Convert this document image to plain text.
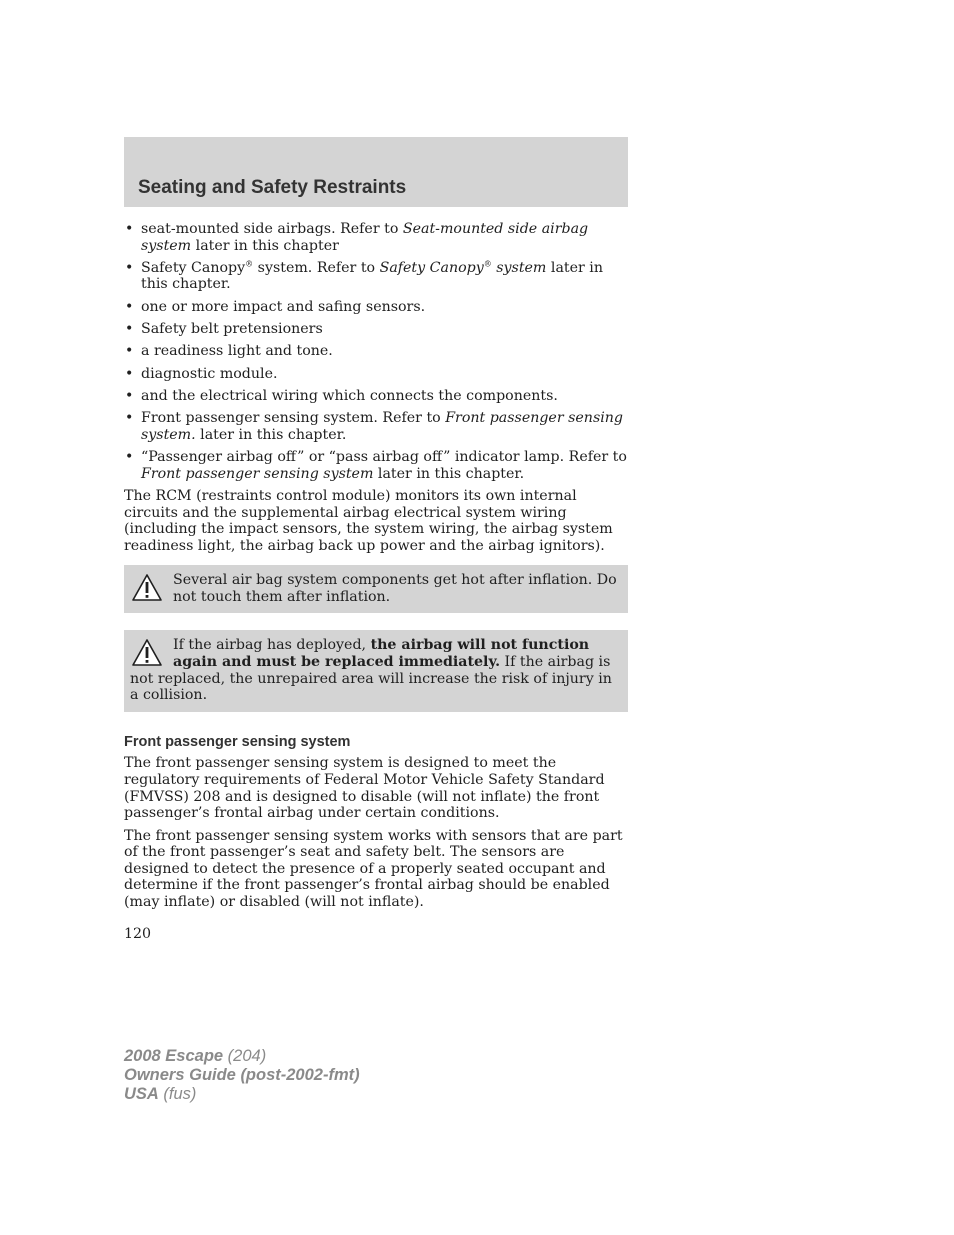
Seating and Safety Restraints
• seat-mounted side airbags. Refer to Seat-mounted side airbag system later in this chapter
• Safety Canopy® system. Refer to Safety Canopy® system later in this chapter.
• one or more impact and safing sensors.
• Safety belt pretensioners
• a readiness light and tone.
• diagnostic module.
• and the electrical wiring which connects the components.
• Front passenger sensing system. Refer to Front passenger sensing system. later in this chapter.
• “Passenger airbag off” or “pass airbag off” indicator lamp. Refer to Front passenger sensing system later in this chapter.

The RCM (restraints control module) monitors its own internal circuits and the supplemental airbag electrical system wiring (including the impact sensors, the system wiring, the airbag system readiness light, the airbag back up power and the airbag ignitors).

Several air bag system components get hot after inflation. Do not touch them after inflation.
If the airbag has deployed, the airbag will not function again and must be replaced immediately. If the airbag is not replaced, the unrepaired area will increase the risk of injury in a collision.
Front passenger sensing system

The front passenger sensing system is designed to meet the regulatory requirements of Federal Motor Vehicle Safety Standard (FMVSS) 208 and is designed to disable (will not inflate) the front passenger’s frontal airbag under certain conditions.

The front passenger sensing system works with sensors that are part of the front passenger’s seat and safety belt. The sensors are designed to detect the presence of a properly seated occupant and determine if the front passenger’s frontal airbag should be enabled (may inflate) or disabled (will not inflate).

120
2008 Escape (204)
Owners Guide (post-2002-fmt)
USA (fus)
